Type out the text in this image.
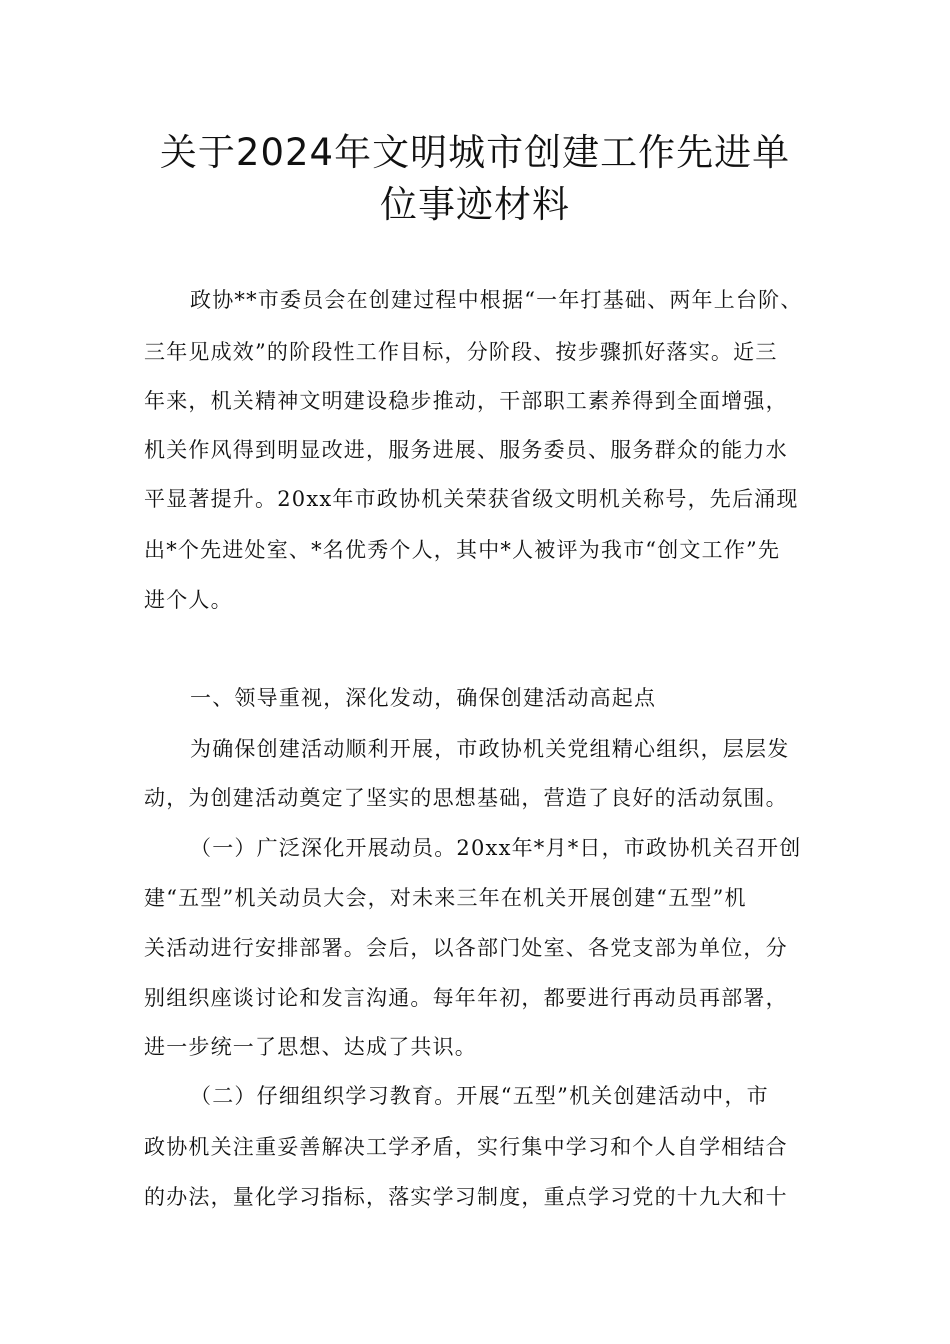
关于2024年文明城市创建工作先进单
位事迹材料
政协**市委员会在创建过程中根据“一年打基础、两年上台阶、
三年见成效”的阶段性工作目标，分阶段、按步骤抓好落实。近三
年来，机关精神文明建设稳步推动，干部职工素养得到全面增强，
机关作风得到明显改进，服务进展、服务委员、服务群众的能力水
平显著提升。20xx年市政协机关荣获省级文明机关称号，先后涌现
出*个先进处室、*名优秀个人，其中*人被评为我市“创文工作”先
进个人。
一、领导重视，深化发动，确保创建活动高起点
为确保创建活动顺利开展，市政协机关党组精心组织，层层发
动，为创建活动奠定了坚实的思想基础，营造了良好的活动氛围。
（一）广泛深化开展动员。20xx年*月*日，市政协机关召开创
建“五型”机关动员大会，对未来三年在机关开展创建“五型”机
关活动进行安排部署。会后，以各部门处室、各党支部为单位，分
别组织座谈讨论和发言沟通。每年年初，都要进行再动员再部署，
进一步统一了思想、达成了共识。
（二）仔细组织学习教育。开展“五型”机关创建活动中，市
政协机关注重妥善解决工学矛盾，实行集中学习和个人自学相结合
的办法，量化学习指标，落实学习制度，重点学习党的十九大和十
